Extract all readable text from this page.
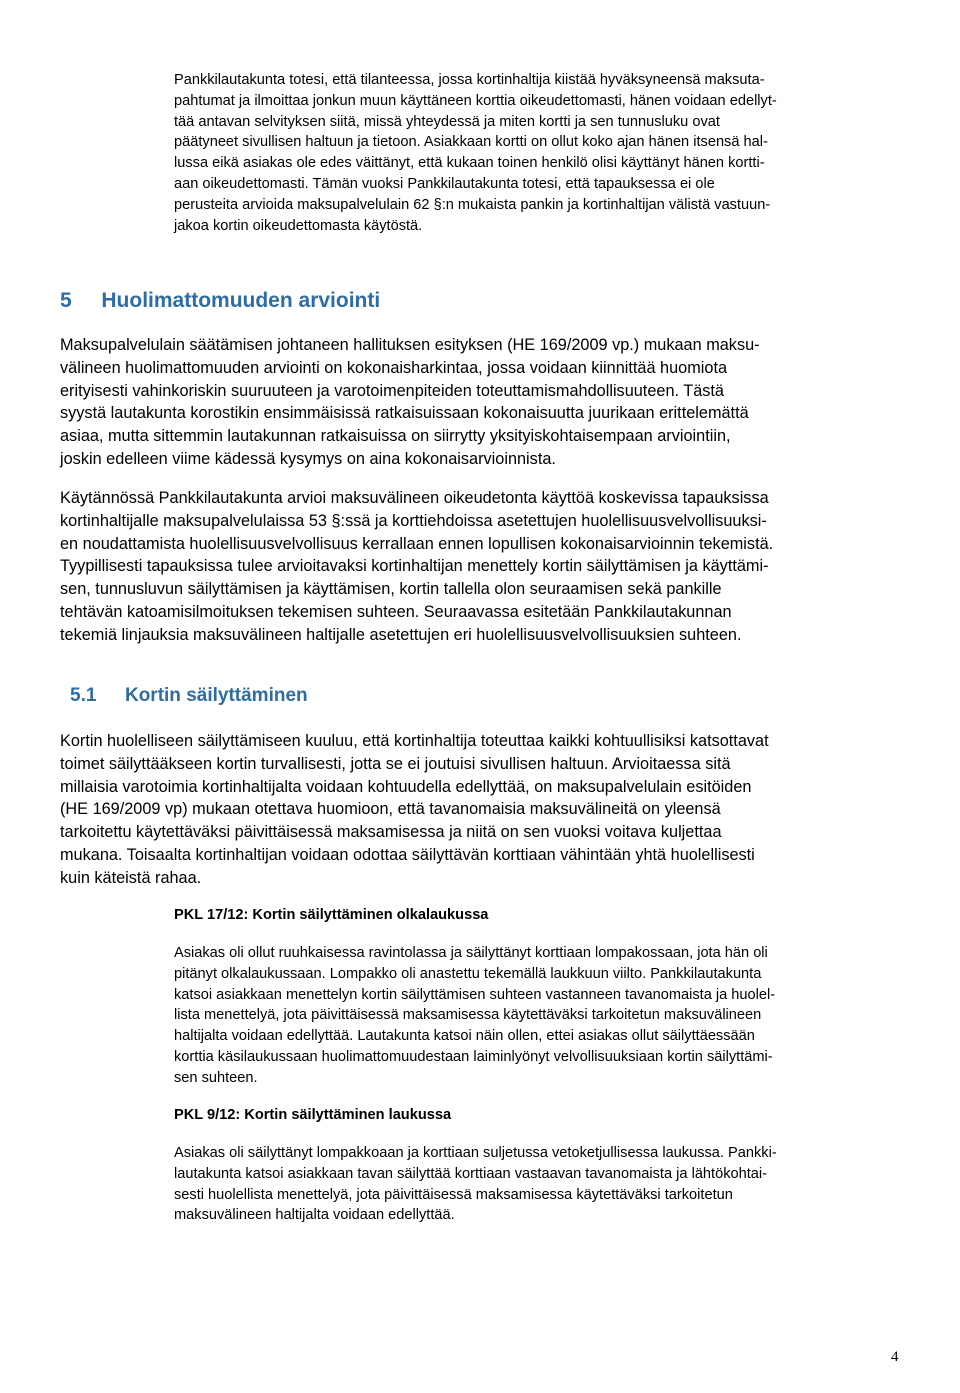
Pankkilautakunta totesi, että tilanteessa, jossa kortinhaltija kiistää hyväksyneensä maksuta-
pahtumat ja ilmoittaa jonkun muun käyttäneen korttia oikeudettomasti, hänen voidaan edellyt-
tää antavan selvityksen siitä, missä yhteydessä ja miten kortti ja sen tunnusluku ovat
päätyneet sivullisen haltuun ja tietoon. Asiakkaan kortti on ollut koko ajan hänen itsensä hal-
lussa eikä asiakas ole edes väittänyt, että kukaan toinen henkilö olisi käyttänyt hänen kortti-
aan oikeudettomasti. Tämän vuoksi Pankkilautakunta totesi, että tapauksessa ei ole
perusteita arvioida maksupalvelulain 62 §:n mukaista pankin ja kortinhaltijan välistä vastuun-
jakoa kortin oikeudettomasta käytöstä.
5 Huolimattomuuden arviointi
Maksupalvelulain säätämisen johtaneen hallituksen esityksen (HE 169/2009 vp.) mukaan maksu-
välineen huolimattomuuden arviointi on kokonaisharkintaa, jossa voidaan kiinnittää huomiota
erityisesti vahinkoriskin suuruuteen ja varotoimenpiteiden toteuttamismahdollisuuteen. Tästä
syystä lautakunta korostikin ensimmäisissä ratkaisuissaan kokonaisuutta juurikaan erittelemättä
asiaa, mutta sittemmin lautakunnan ratkaisuissa on siirrytty yksityiskohtaisempaan arviointiin,
joskin edelleen viime kädessä kysymys on aina kokonaisarvioinnista.
Käytännössä Pankkilautakunta arvioi maksuvälineen oikeudetonta käyttöä koskevissa tapauksissa
kortinhaltijalle maksupalvelulaissa 53 §:ssä ja korttiehdoissa asetettujen huolellisuusvelvollisuuksi-
en noudattamista huolellisuusvelvollisuus kerrallaan ennen lopullisen kokonaisarvioinnin tekemistä.
Tyypillisesti tapauksissa tulee arvioitavaksi kortinhaltijan menettely kortin säilyttämisen ja käyttämi-
sen, tunnusluvun säilyttämisen ja käyttämisen, kortin tallella olon seuraamisen sekä pankille
tehtävän katoamisilmoituksen tekemisen suhteen. Seuraavassa esitetään Pankkilautakunnan
tekemiä linjauksia maksuvälineen haltijalle asetettujen eri huolellisuusvelvollisuuksien suhteen.
5.1 Kortin säilyttäminen
Kortin huolelliseen säilyttämiseen kuuluu, että kortinhaltija toteuttaa kaikki kohtuullisiksi katsottavat
toimet säilyttääkseen kortin turvallisesti, jotta se ei joutuisi sivullisen haltuun. Arvioitaessa sitä
millaisia varotoimia kortinhaltijalta voidaan kohtuudella edellyttää, on maksupalvelulain esitöiden
(HE 169/2009 vp) mukaan otettava huomioon, että tavanomaisia maksuvälineitä on yleensä
tarkoitettu käytettäväksi päivittäisessä maksamisessa ja niitä on sen vuoksi voitava kuljettaa
mukana. Toisaalta kortinhaltijan voidaan odottaa säilyttävän korttiaan vähintään yhtä huolellisesti
kuin käteistä rahaa.
PKL 17/12: Kortin säilyttäminen olkalaukussa
Asiakas oli ollut ruuhkaisessa ravintolassa ja säilyttänyt korttiaan lompakossaan, jota hän oli
pitänyt olkalaukussaan. Lompakko oli anastettu tekemällä laukkuun viilto. Pankkilautakunta
katsoi asiakkaan menettelyn kortin säilyttämisen suhteen vastanneen tavanomaista ja huolel-
lista menettelyä, jota päivittäisessä maksamisessa käytettäväksi tarkoitetun maksuvälineen
haltijalta voidaan edellyttää. Lautakunta katsoi näin ollen, ettei asiakas ollut säilyttäessään
korttia käsilaukussaan huolimattomuudestaan laiminlyönyt velvollisuuksiaan kortin säilyttämi-
sen suhteen.
PKL 9/12: Kortin säilyttäminen laukussa
Asiakas oli säilyttänyt lompakkoaan ja korttiaan suljetussa vetoketjullisessa laukussa. Pankki-
lautakunta katsoi asiakkaan tavan säilyttää korttiaan vastaavan tavanomaista ja lähtökohtai-
sesti huolellista menettelyä, jota päivittäisessä maksamisessa käytettäväksi tarkoitetun
maksuvälineen haltijalta voidaan edellyttää.
4
